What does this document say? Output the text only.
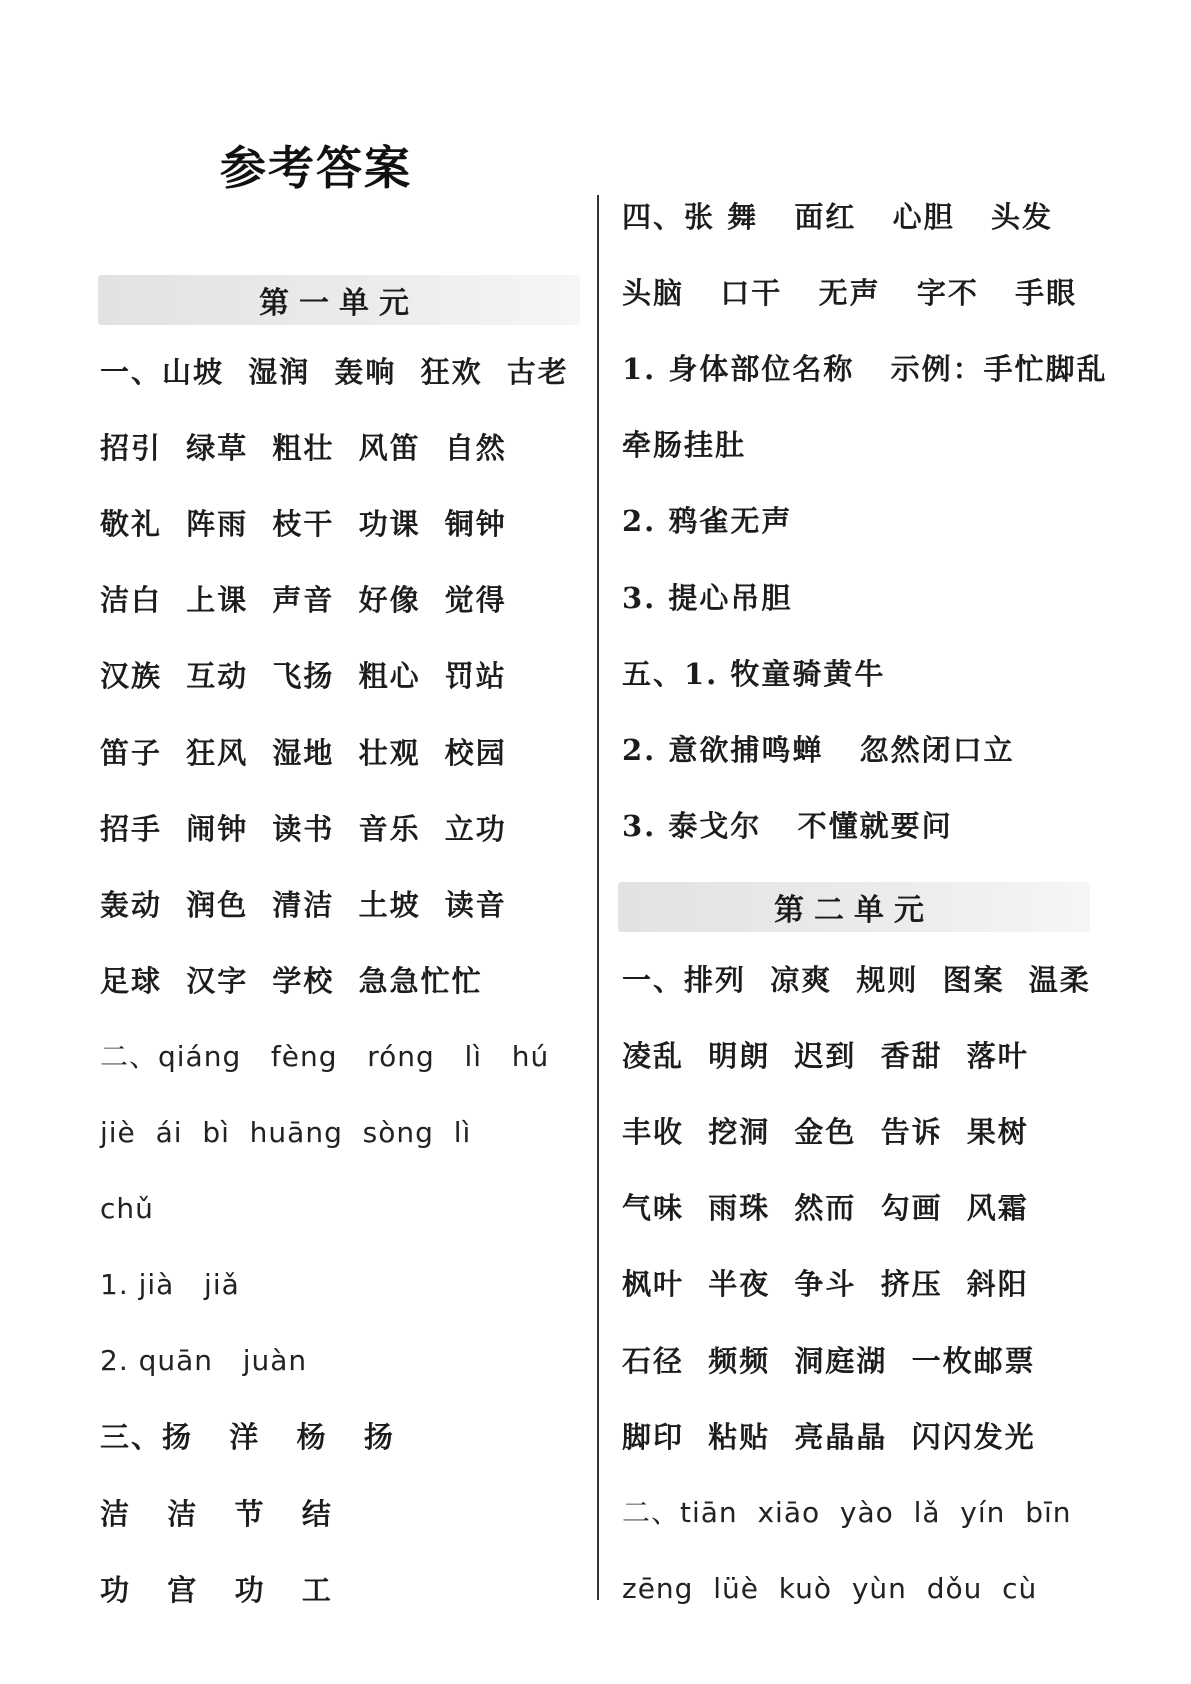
参考答案
第一单元
一、山坡  湿润  轰响  狂欢  古老
招引  绿草  粗壮  风笛  自然
敬礼  阵雨  枝干  功课  铜钟
洁白  上课  声音  好像  觉得
汉族  互动  飞扬  粗心  罚站
笛子  狂风  湿地  壮观  校园
招手  闹钟  读书  音乐  立功
轰动  润色  清洁  土坡  读音
足球  汉字  学校  急急忙忙
二、qiáng   fèng   róng   lì   hú
jiè  ái  bì  huāng  sòng  lì
chǔ
1. jià   jiǎ
2. quān   juàn
三、扬   洋   杨   扬
洁   洁   节   结
功   宫   功   工
四、张 舞   面红   心胆   头发
头脑   口干   无声   字不   手眼
1. 身体部位名称   示例：手忙脚乱
牵肠挂肚
2. 鸦雀无声
3. 提心吊胆
五、1. 牧童骑黄牛
2. 意欲捕鸣蝉   忽然闭口立
3. 泰戈尔   不懂就要问
第二单元
一、排列  凉爽  规则  图案  温柔
凌乱  明朗  迟到  香甜  落叶
丰收  挖洞  金色  告诉  果树
气味  雨珠  然而  勾画  风霜
枫叶  半夜  争斗  挤压  斜阳
石径  频频  洞庭湖  一枚邮票
脚印  粘贴  亮晶晶  闪闪发光
二、tiān  xiāo  yào  lǎ  yín  bīn
zēng  lüè  kuò  yùn  dǒu  cù
